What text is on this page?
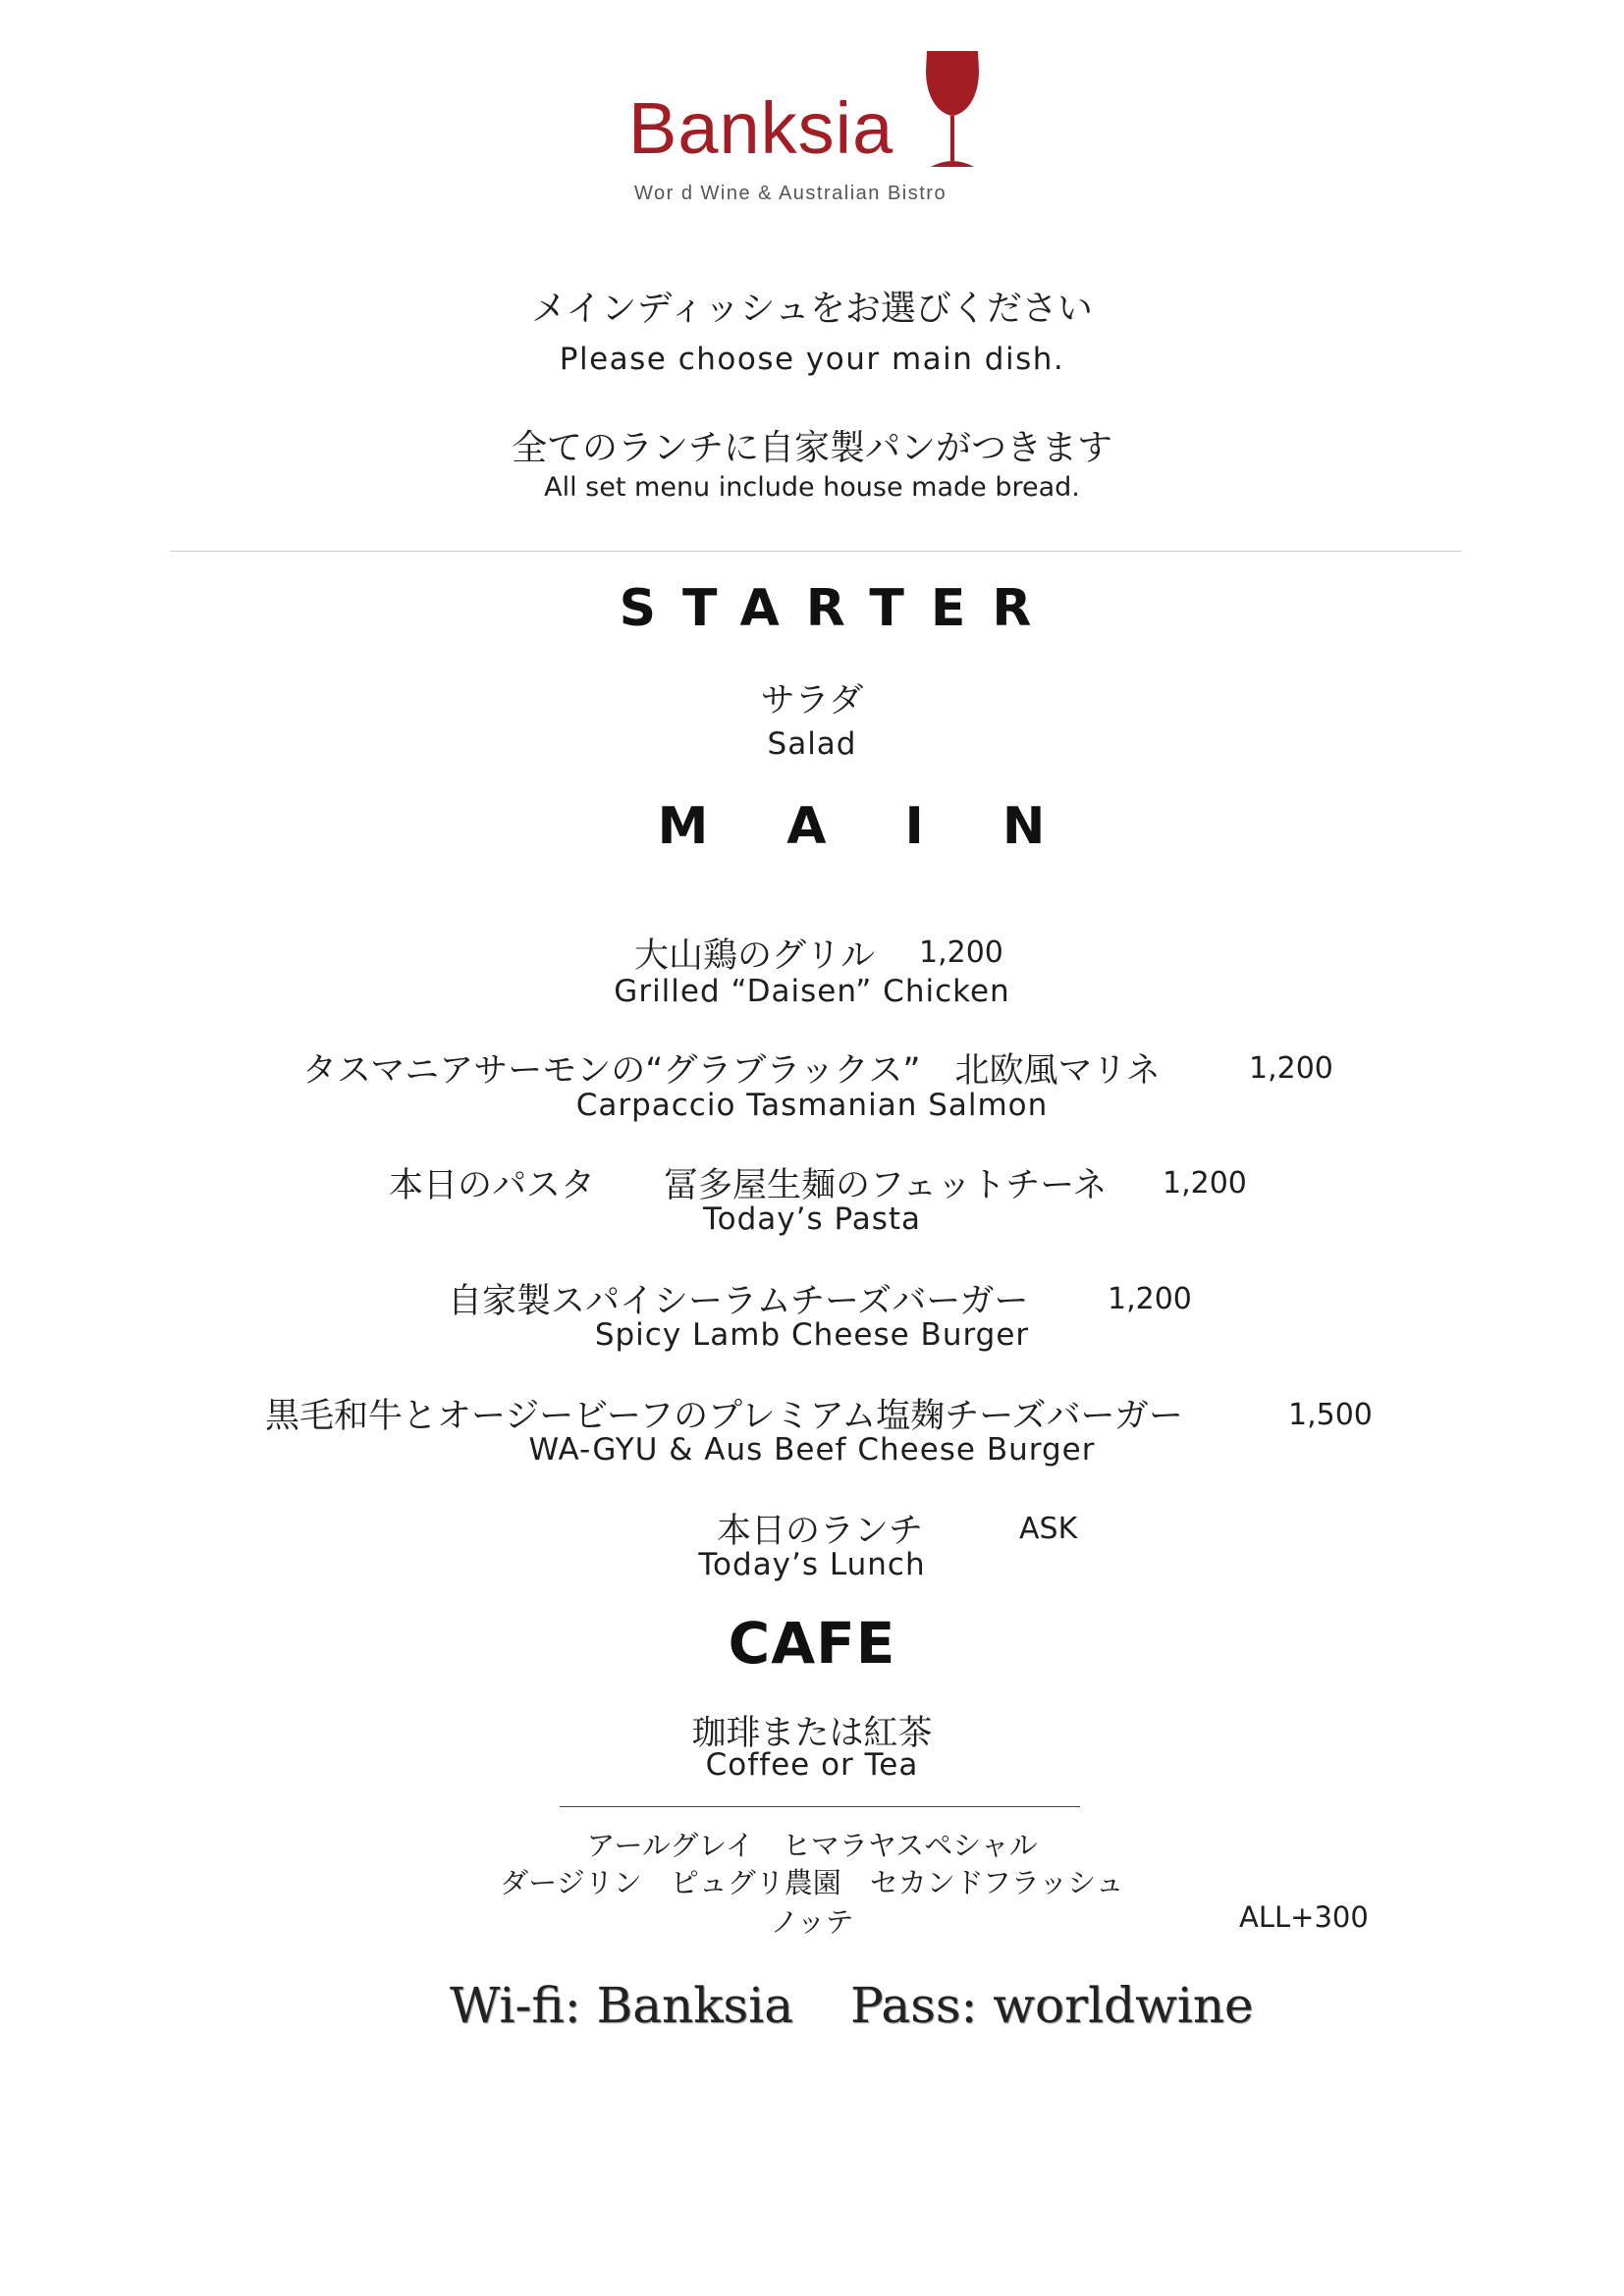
Banksia
Wor d Wine & Australian Bistro
メインディッシュをお選びください
Please choose your main dish.
全てのランチに自家製パンがつきます
All set menu include house made bread.
STARTER
サラダ
Salad
MAIN
大山鶏のグリル 1,200
Grilled “Daisen” Chicken
タスマニアサーモンの“グラブラックス”　北欧風マリネ	1,200
Carpaccio Tasmanian Salmon
本日のパスタ　　冨多屋生麺のフェットチーネ 1,200
Today’s Pasta
自家製スパイシーラムチーズバーガー	1,200
Spicy Lamb Cheese Burger
黒毛和牛とオージービーフのプレミアム塩麹チーズバーガー	1,500
WA-GYU & Aus Beef Cheese Burger
本日のランチ	ASK
Today’s Lunch
CAFE
珈琲または紅茶
Coffee or Tea
アールグレイ　ヒマラヤスペシャル
ダージリン　ピュグリ農園　セカンドフラッシュ
ノッテ	ALL+300
Wi-fi: Banksia Pass: worldwine
